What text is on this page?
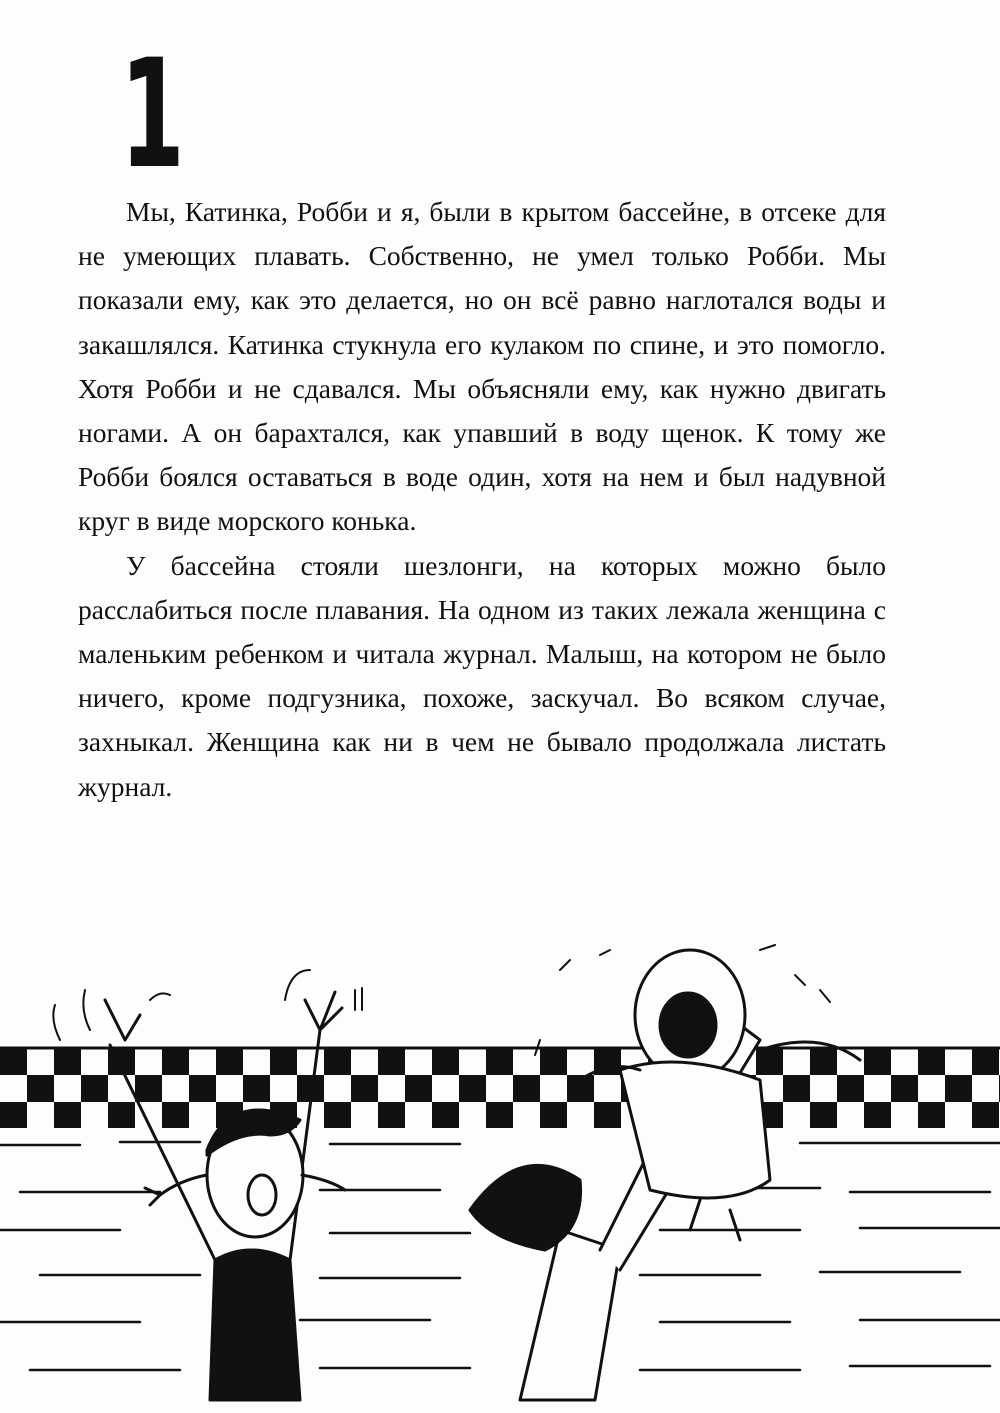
1

Мы, Катинка, Робби и я, были в крытом бассейне, в отсеке для не умеющих плавать. Собственно, не умел только Робби. Мы показали ему, как это делается, но он всё равно наглотался воды и закашлялся. Катинка стукнула его кулаком по спине, и это помогло. Хотя Робби и не сдавался. Мы объясняли ему, как нужно двигать ногами. А он барахтался, как упавший в воду щенок. К тому же Робби боялся оставаться в воде один, хотя на нем и был надувной круг в виде морского конька.

У бассейна стояли шезлонги, на которых можно было расслабиться после плавания. На одном из таких лежала женщина с маленьким ребенком и читала журнал. Малыш, на котором не было ничего, кроме подгузника, похоже, заскучал. Во всяком случае, захныкал. Женщина как ни в чем не бывало продолжала листать журнал.
